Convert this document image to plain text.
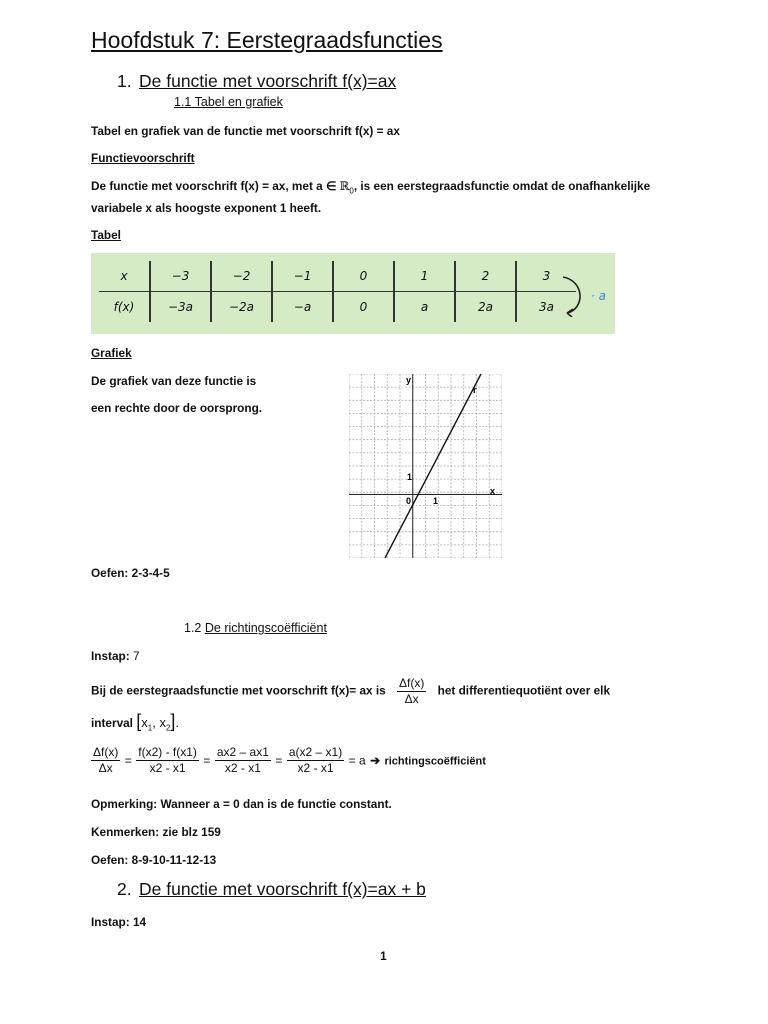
Hoofdstuk 7: Eerstegraadsfuncties
1. De functie met voorschrift f(x)=ax
1.1 Tabel en grafiek
Tabel en grafiek van de functie met voorschrift f(x) = ax
Functievoorschrift
De functie met voorschrift f(x) = ax, met a ∈ ℝ$_0$, is een eerstegraadsfunctie omdat de onafhankelijke
variabele x als hoogste exponent 1 heeft.
Tabel
x	−3	−2	−1	0	1	2	3
f(x)	−3a	−2a	−a	0	a	2a	3a
· a
Grafiek
De grafiek van deze functie is
een rechte door de oorsprong.
y
x
r
1
1
0
Oefen: 2-3-4-5
1.2 De richtingscoëfficiënt
Instap: 7
Bij de eerstegraadsfunctie met voorschrift f(x)= ax is $\frac{\Delta f(x)}{\Delta x}$ het differentiequotiënt over elk
interval [$x_1$, $x_2$].
$\frac{\Delta f(x)}{\Delta x} = \frac{f(x2) - f(x1)}{x2 - x1} = \frac{ax2 - ax1}{x2 - x1} = \frac{a(x2 - x1)}{x2 - x1} = a$ ➔ richtingscoëfficiënt
Opmerking: Wanneer a = 0 dan is de functie constant.
Kenmerken: zie blz 159
Oefen: 8-9-10-11-12-13
2. De functie met voorschrift f(x)=ax + b
Instap: 14
1
